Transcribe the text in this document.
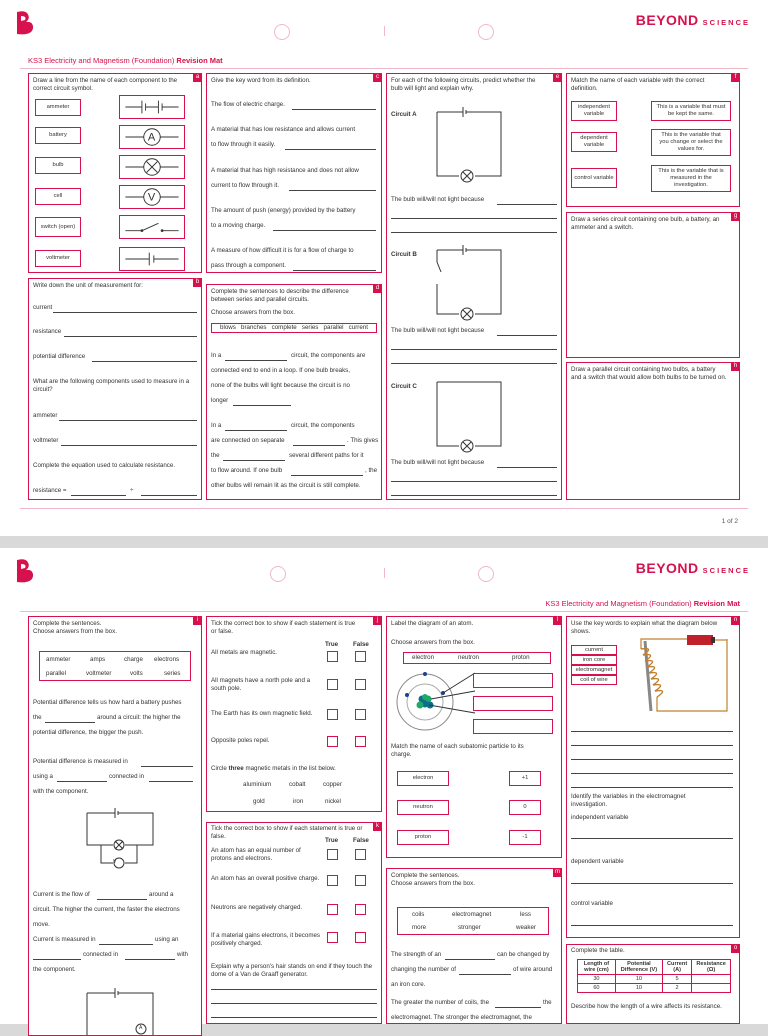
BEYOND SCIENCE
KS3 Electricity and Magnetism (Foundation) Revision Mat
a
Draw a line from the name of each component to the correct circuit symbol.
ammeter
battery
bulb
cell
switch (open)
voltmeter
A
V
b
Write down the unit of measurement for:
current
resistance
potential difference
What are the following components used to measure in a circuit?
ammeter
voltmeter
Complete the equation used to calculate resistance.
resistance =	÷
c
Give the key word from its definition.
The flow of electric charge.
A material that has low resistance and allows current
to flow through it easily.
A material that has high resistance and does not allow
current to flow through it.
The amount of push (energy) provided by the battery
to a moving charge.
A measure of how difficult it is for a flow of charge to
pass through a component.
d
Complete the sentences to describe the difference between series and parallel circuits.
Choose answers from the box.
blows   branches   complete   series   parallel   current
In a	circuit, the components are
connected end to end in a loop. If one bulb breaks,
none of the bulbs will light because the circuit is no
longer
In a	circuit, the components
are connected on separate	. This gives
the	several different paths for it
to flow around. If one bulb	, the
other bulbs will remain lit as the circuit is still complete.
e
For each of the following circuits, predict whether the bulb will light and explain why.
Circuit A
The bulb will/will not light because
Circuit B
The bulb will/will not light because
Circuit C
The bulb will/will not light because
f
Match the name of each variable with the correct definition.
independent variable
dependent variable
control variable
This is a variable that must be kept the same.
This is the variable that you change or select the values for.
This is the variable that is measured in the investigation.
g
Draw a series circuit containing one bulb, a battery, an ammeter and a switch.
h
Draw a parallel circuit containing two bulbs, a battery and a switch that would allow both bulbs to be turned on.
1 of 2
BEYOND SCIENCE
KS3 Electricity and Magnetism (Foundation) Revision Mat
i
Complete the sentences.
Choose answers from the box.
ammeter	amps	charge electrons
parallel	voltmeter	volts	series
Potential difference tells us how hard a battery pushes
the	around a circuit: the higher the
potential difference, the bigger the push.
Potential difference is measured in
using a	connected in
with the component.
V
Current is the flow of	around a
circuit. The higher the current, the faster the electrons
move.
Current is measured in	using an
connected in	with
the component.
A
j
Tick the correct box to show if each statement is true or false.
True False
All metals are magnetic.
All magnets have a north pole and a south pole.
The Earth has its own magnetic field.
Opposite poles repel.
Circle three magnetic metals in the list below.
aluminium	cobalt	copper
gold	iron	nickel
k
Tick the correct box to show if each statement is true or false.
True False
An atom has an equal number of protons and electrons.
An atom has an overall positive charge.
Neutrons are negatively charged.
If a material gains electrons, it becomes positively charged.
Explain why a person's hair stands on end if they touch the dome of a Van de Graaff generator.
l
Label the diagram of an atom.
Choose answers from the box.
electron	neutron	proton
Match the name of each subatomic particle to its charge.
electron
neutron
proton
+1
0
-1
m
Complete the sentences.
Choose answers from the box.
coils	electromagnet	less
more	stronger	weaker
The strength of an	can be changed by
changing the number of	of wire around
an iron core.
The greater the number of coils, the	the
electromagnet. The stronger the electromagnet, the
n
Use the key words to explain what the diagram below shows.
current
iron core
electromagnet
coil of wire
Identify the variables in the electromagnet investigation.
independent variable
dependent variable
control variable
o
Complete the table.
Length of wire (cm)	Potential Difference (V)	Current (A)	Resistance (Ω)
30	10	5	
60	10	2	
Describe how the length of a wire affects its resistance.
